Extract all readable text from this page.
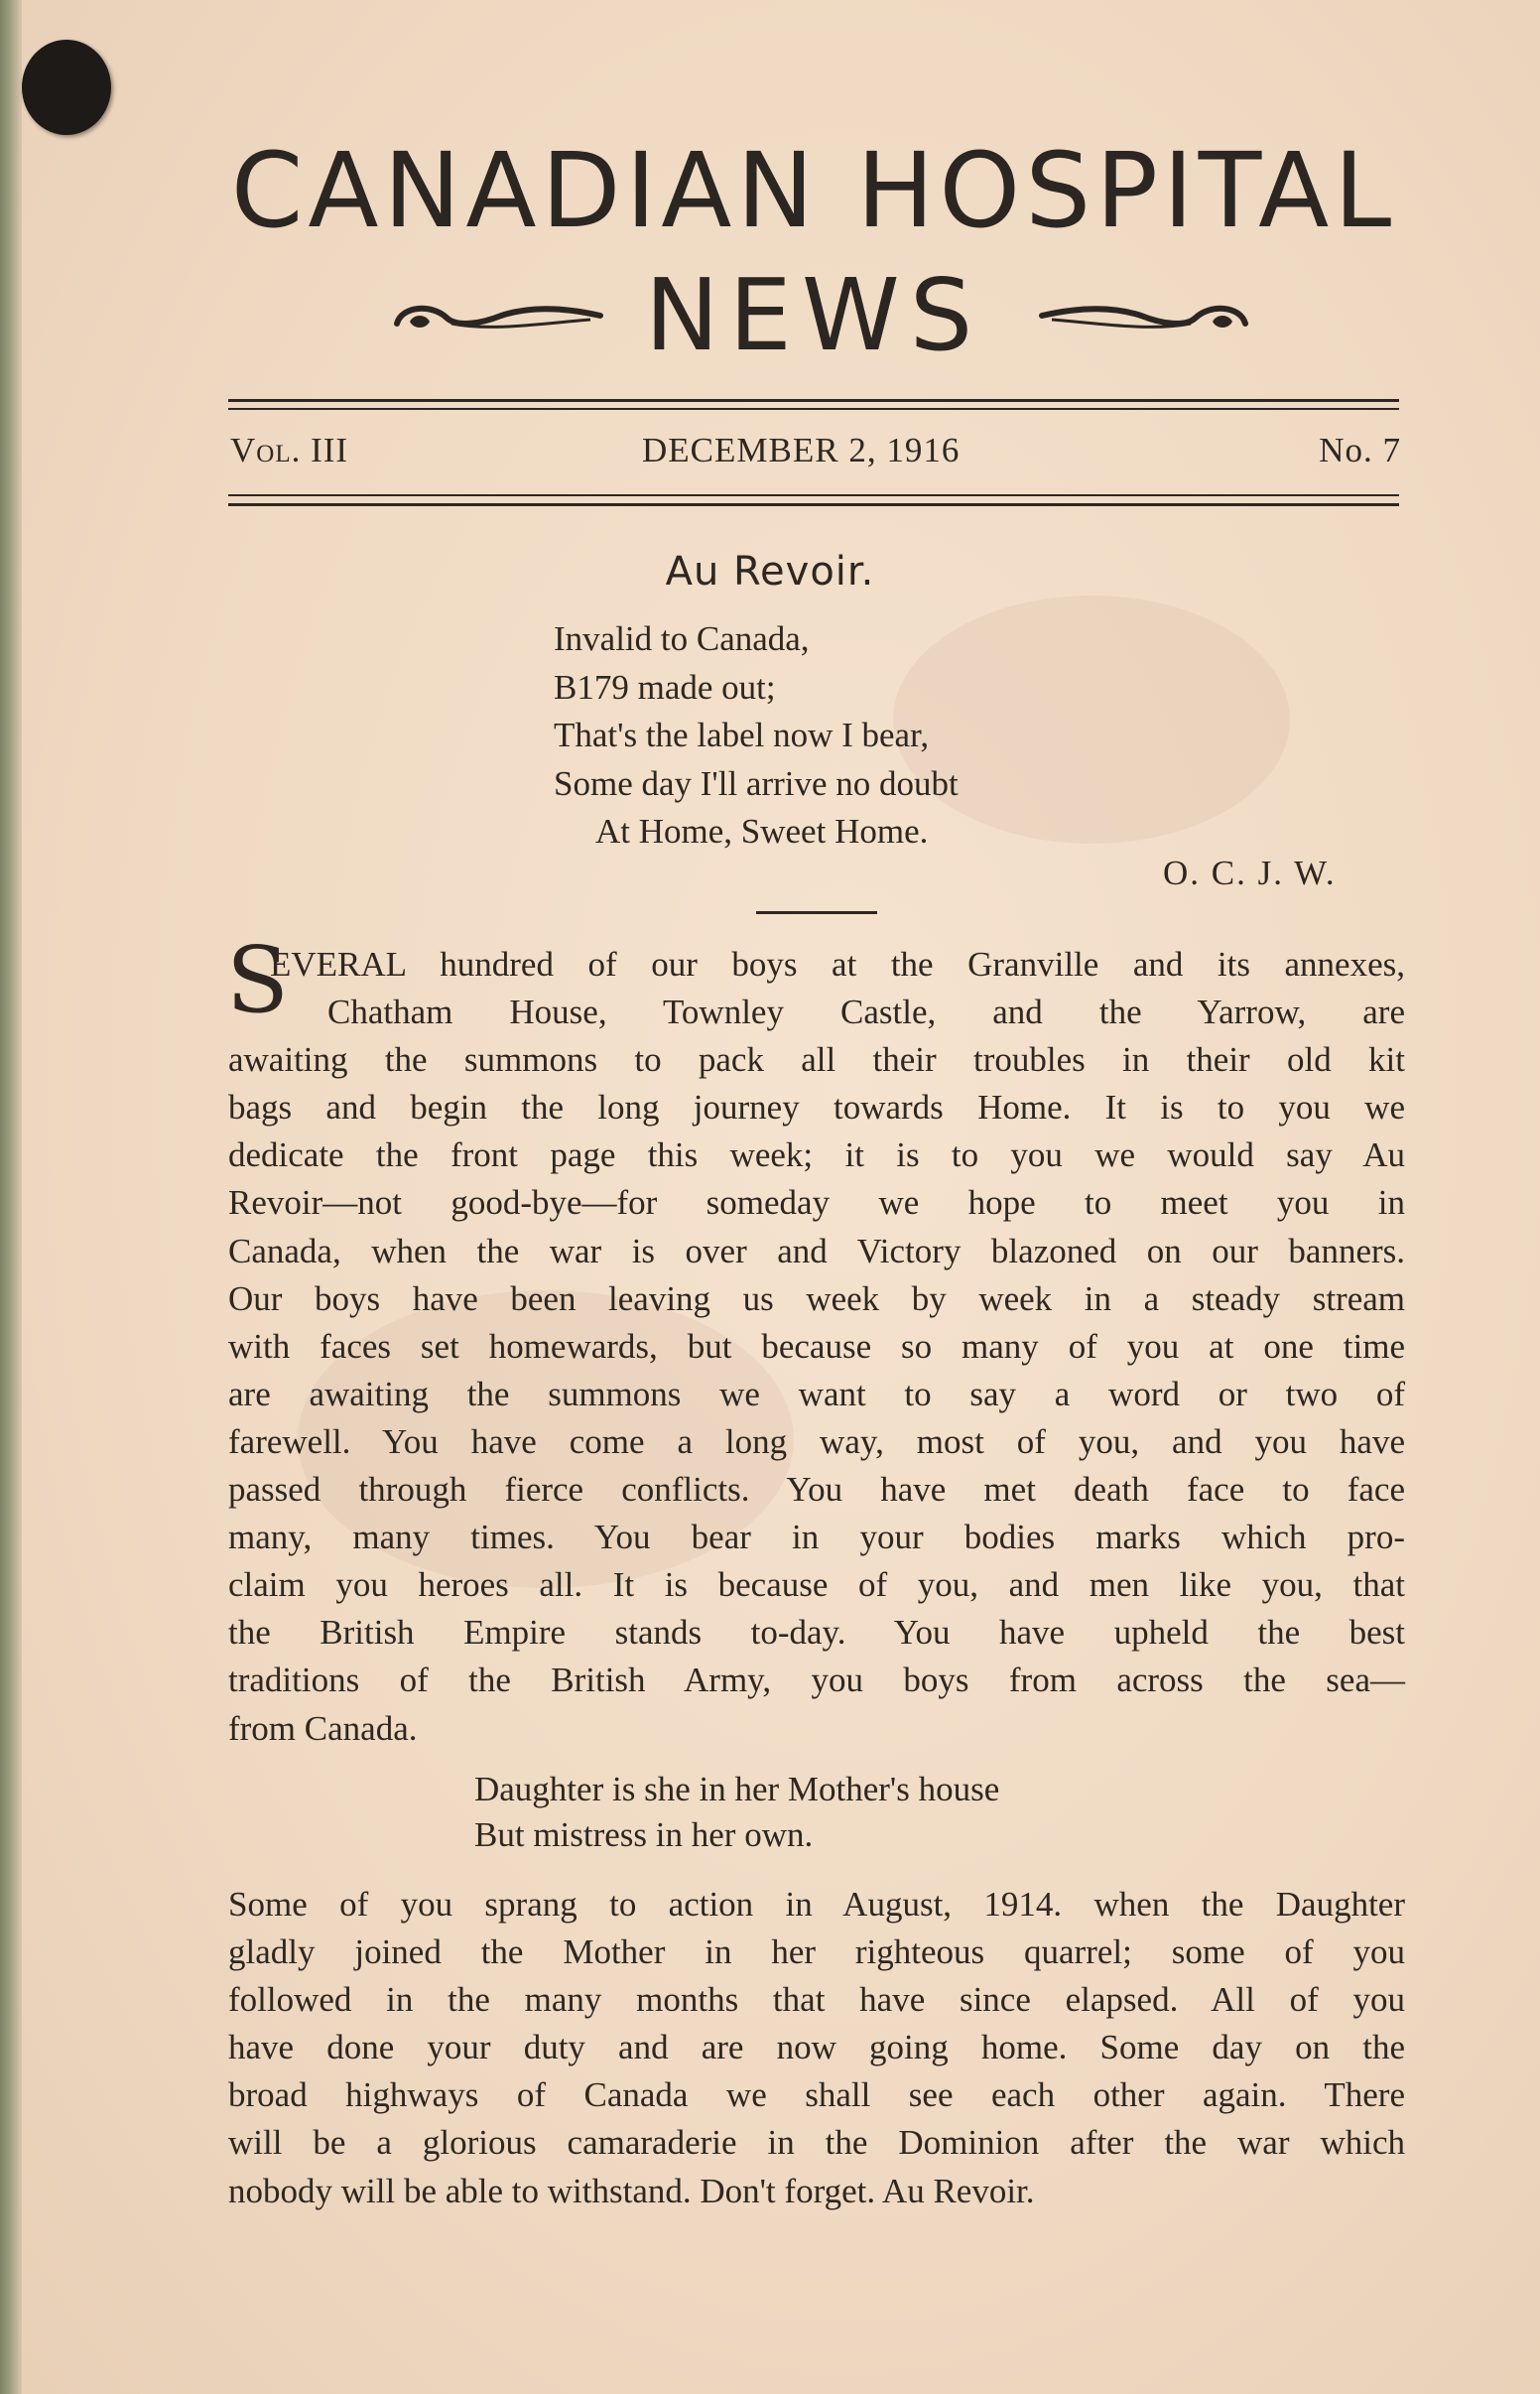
CANADIAN HOSPITAL
NEWS
Vol. III	DECEMBER 2, 1916	No. 7
Au Revoir.
Invalid to Canada,
B179 made out;
That's the label now I bear,
Some day I'll arrive no doubt
At Home, Sweet Home.
O. C. J. W.
S
EVERAL hundred of our boys at the Granville and its annexes,
Chatham House, Townley Castle, and the Yarrow, are
awaiting the summons to pack all their troubles in their old kit
bags and begin the long journey towards Home. It is to you we
dedicate the front page this week; it is to you we would say Au
Revoir—not good-bye—for someday we hope to meet you in
Canada, when the war is over and Victory blazoned on our banners.
Our boys have been leaving us week by week in a steady stream
with faces set homewards, but because so many of you at one time
are awaiting the summons we want to say a word or two of
farewell. You have come a long way, most of you, and you have
passed through fierce conflicts. You have met death face to face
many, many times. You bear in your bodies marks which pro-
claim you heroes all. It is because of you, and men like you, that
the British Empire stands to-day. You have upheld the best
traditions of the British Army, you boys from across the sea—
from Canada.
Daughter is she in her Mother's house
But mistress in her own.
Some of you sprang to action in August, 1914. when the Daughter
gladly joined the Mother in her righteous quarrel; some of you
followed in the many months that have since elapsed. All of you
have done your duty and are now going home. Some day on the
broad highways of Canada we shall see each other again. There
will be a glorious camaraderie in the Dominion after the war which
nobody will be able to withstand. Don't forget. Au Revoir.
